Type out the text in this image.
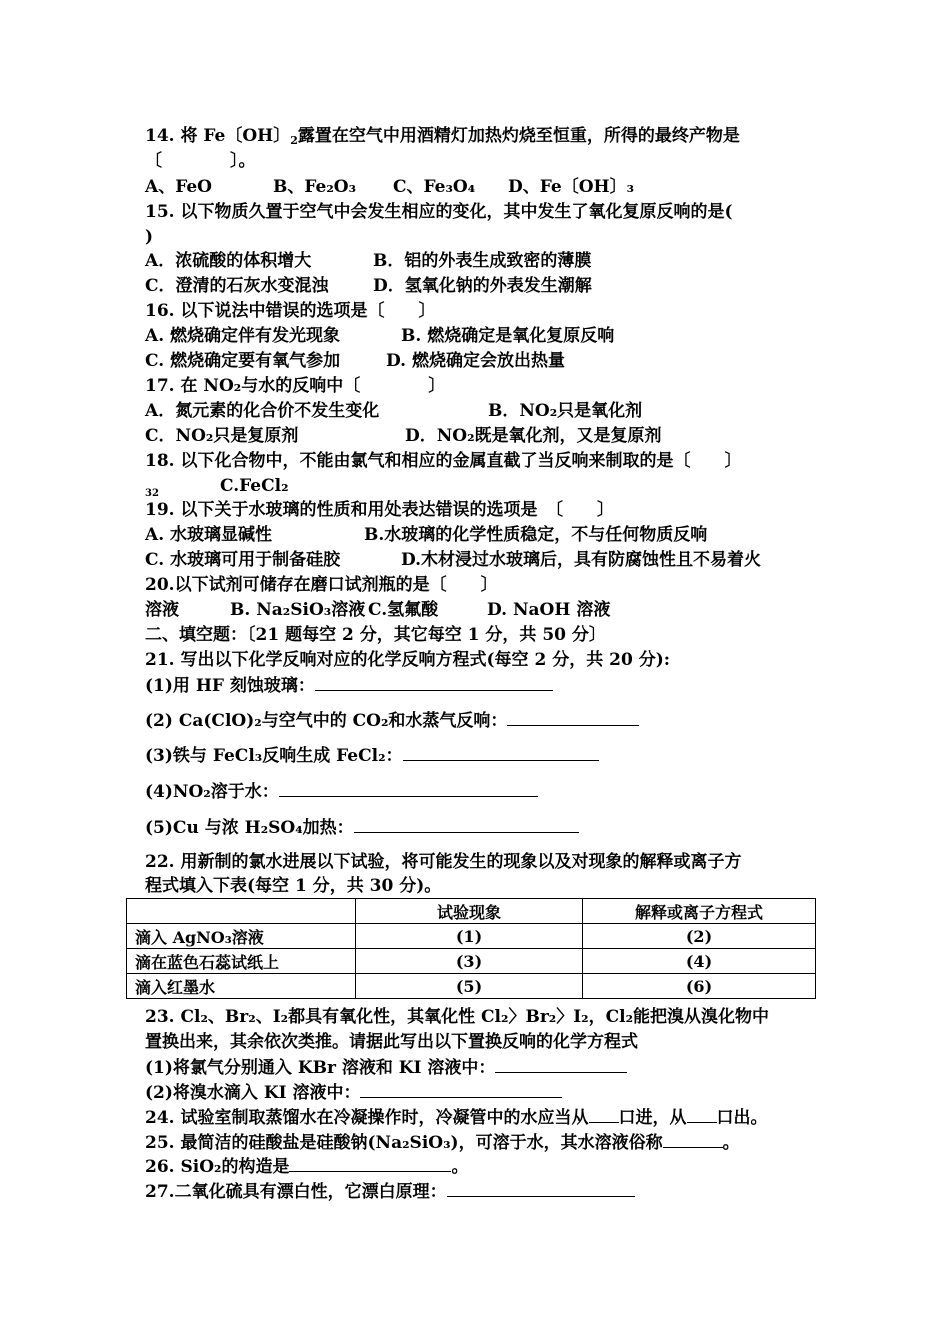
14. 将 Fe〔OH〕$_2$露置在空气中用酒精灯加热灼烧至恒重，所得的最终产物是
〔　　　　〕。
A、FeO	B、Fe₂O₃ C、Fe₃O₄ D、Fe〔OH〕₃
15. 以下物质久置于空气中会发生相应的变化，其中发生了氧化复原反响的是(
)
A．浓硫酸的体积增大	B．铝的外表生成致密的薄膜
C．澄清的石灰水变混浊	D．氢氧化钠的外表发生潮解
16. 以下说法中错误的选项是〔　　〕
A. 燃烧确定伴有发光现象	B. 燃烧确定是氧化复原反响
C. 燃烧确定要有氧气参加	D. 燃烧确定会放出热量
17. 在 NO₂与水的反响中〔　　　　〕
A．氮元素的化合价不发生变化	B．NO₂只是氧化剂
C．NO₂只是复原剂	D．NO₂既是氧化剂，又是复原剂
18. 以下化合物中，不能由氯气和相应的金属直截了当反响来制取的是〔　　〕
32	C.FeCl₂
19. 以下关于水玻璃的性质和用处表达错误的选项是　〔　　〕
A. 水玻璃显碱性	B.水玻璃的化学性质稳定，不与任何物质反响
C. 水玻璃可用于制备硅胶	D.木材浸过水玻璃后，具有防腐蚀性且不易着火
20.以下试剂可储存在磨口试剂瓶的是〔　　〕
溶液	B. Na₂SiO₃溶液 C.氢氟酸	D. NaOH 溶液
二、填空题：〔21 题每空 2 分，其它每空 1 分，共 50 分〕
21. 写出以下化学反响对应的化学反响方程式(每空 2 分，共 20 分):
(1)用 HF 刻蚀玻璃：
(2) Ca(ClO)₂与空气中的 CO₂和水蒸气反响：
(3)铁与 FeCl₃反响生成 FeCl₂：
(4)NO₂溶于水：
(5)Cu 与浓 H₂SO₄加热：
22. 用新制的氯水进展以下试验，将可能发生的现象以及对现象的解释或离子方
程式填入下表(每空 1 分，共 30 分)。
	试验现象	解释或离子方程式
滴入 AgNO₃溶液	(1)	(2)
滴在蓝色石蕊试纸上	(3)	(4)
滴入红墨水	(5)	(6)
23. Cl₂、Br₂、I₂都具有氧化性，其氧化性 Cl₂〉Br₂〉I₂，Cl₂能把溴从溴化物中
置换出来，其余依次类推。请据此写出以下置换反响的化学方程式
(1)将氯气分别通入 KBr 溶液和 KI 溶液中：
(2)将溴水滴入 KI 溶液中：
24. 试验室制取蒸馏水在冷凝操作时，冷凝管中的水应当从 口进，从 口出。
25. 最简洁的硅酸盐是硅酸钠(Na₂SiO₃)，可溶于水，其水溶液俗称	。
26. SiO₂的构造是	。
27.二氧化硫具有漂白性，它漂白原理：
